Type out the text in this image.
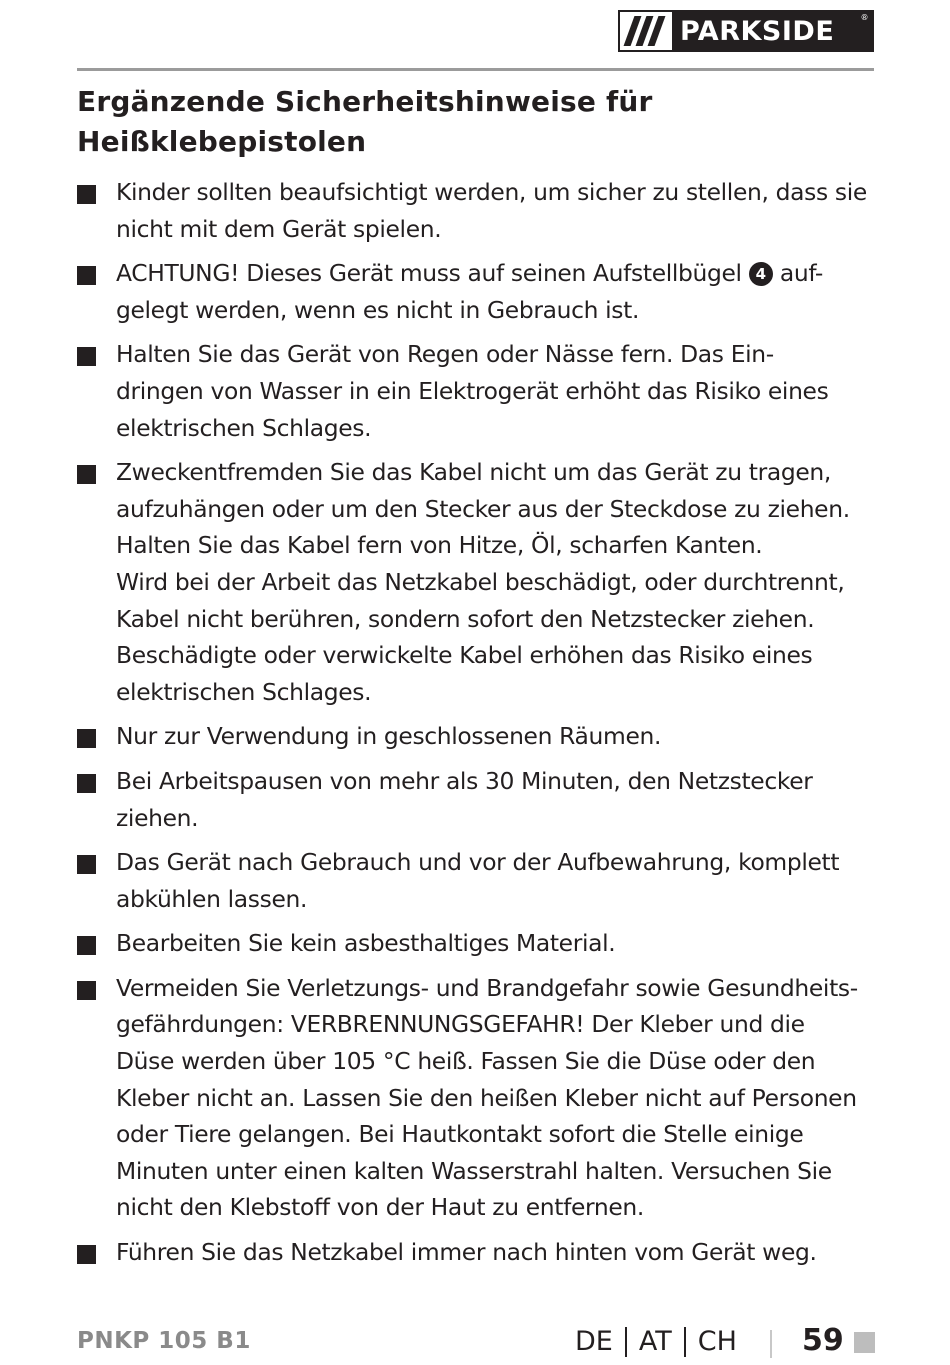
PARKSIDE	®
Ergänzende Sicherheitshinweise für
Heißklebepistolen
Kinder sollten beaufsichtigt werden, um sicher zu stellen, dass sie
nicht mit dem Gerät spielen.
ACHTUNG! Dieses Gerät muss auf seinen Aufstellbügel 4 auf-
gelegt werden, wenn es nicht in Gebrauch ist.
Halten Sie das Gerät von Regen oder Nässe fern. Das Ein-
dringen von Wasser in ein Elektrogerät erhöht das Risiko eines
elektrischen Schlages.
Zweckentfremden Sie das Kabel nicht um das Gerät zu tragen,
aufzuhängen oder um den Stecker aus der Steckdose zu ziehen.
Halten Sie das Kabel fern von Hitze, Öl, scharfen Kanten.
Wird bei der Arbeit das Netzkabel beschädigt, oder durchtrennt,
Kabel nicht berühren, sondern sofort den Netzstecker ziehen.
Beschädigte oder verwickelte Kabel erhöhen das Risiko eines
elektrischen Schlages.
Nur zur Verwendung in geschlossenen Räumen.
Bei Arbeitspausen von mehr als 30 Minuten, den Netzstecker
ziehen.
Das Gerät nach Gebrauch und vor der Aufbewahrung, komplett
abkühlen lassen.
Bearbeiten Sie kein asbesthaltiges Material.
Vermeiden Sie Verletzungs- und Brandgefahr sowie Gesundheits-
gefährdungen: VERBRENNUNGSGEFAHR! Der Kleber und die
Düse werden über 105 °C heiß. Fassen Sie die Düse oder den
Kleber nicht an. Lassen Sie den heißen Kleber nicht auf Personen
oder Tiere gelangen. Bei Hautkontakt sofort die Stelle einige
Minuten unter einen kalten Wasserstrahl halten. Versuchen Sie
nicht den Klebstoff von der Haut zu entfernen.
Führen Sie das Netzkabel immer nach hinten vom Gerät weg.
PNKP 105 B1	DE AT CH 59
